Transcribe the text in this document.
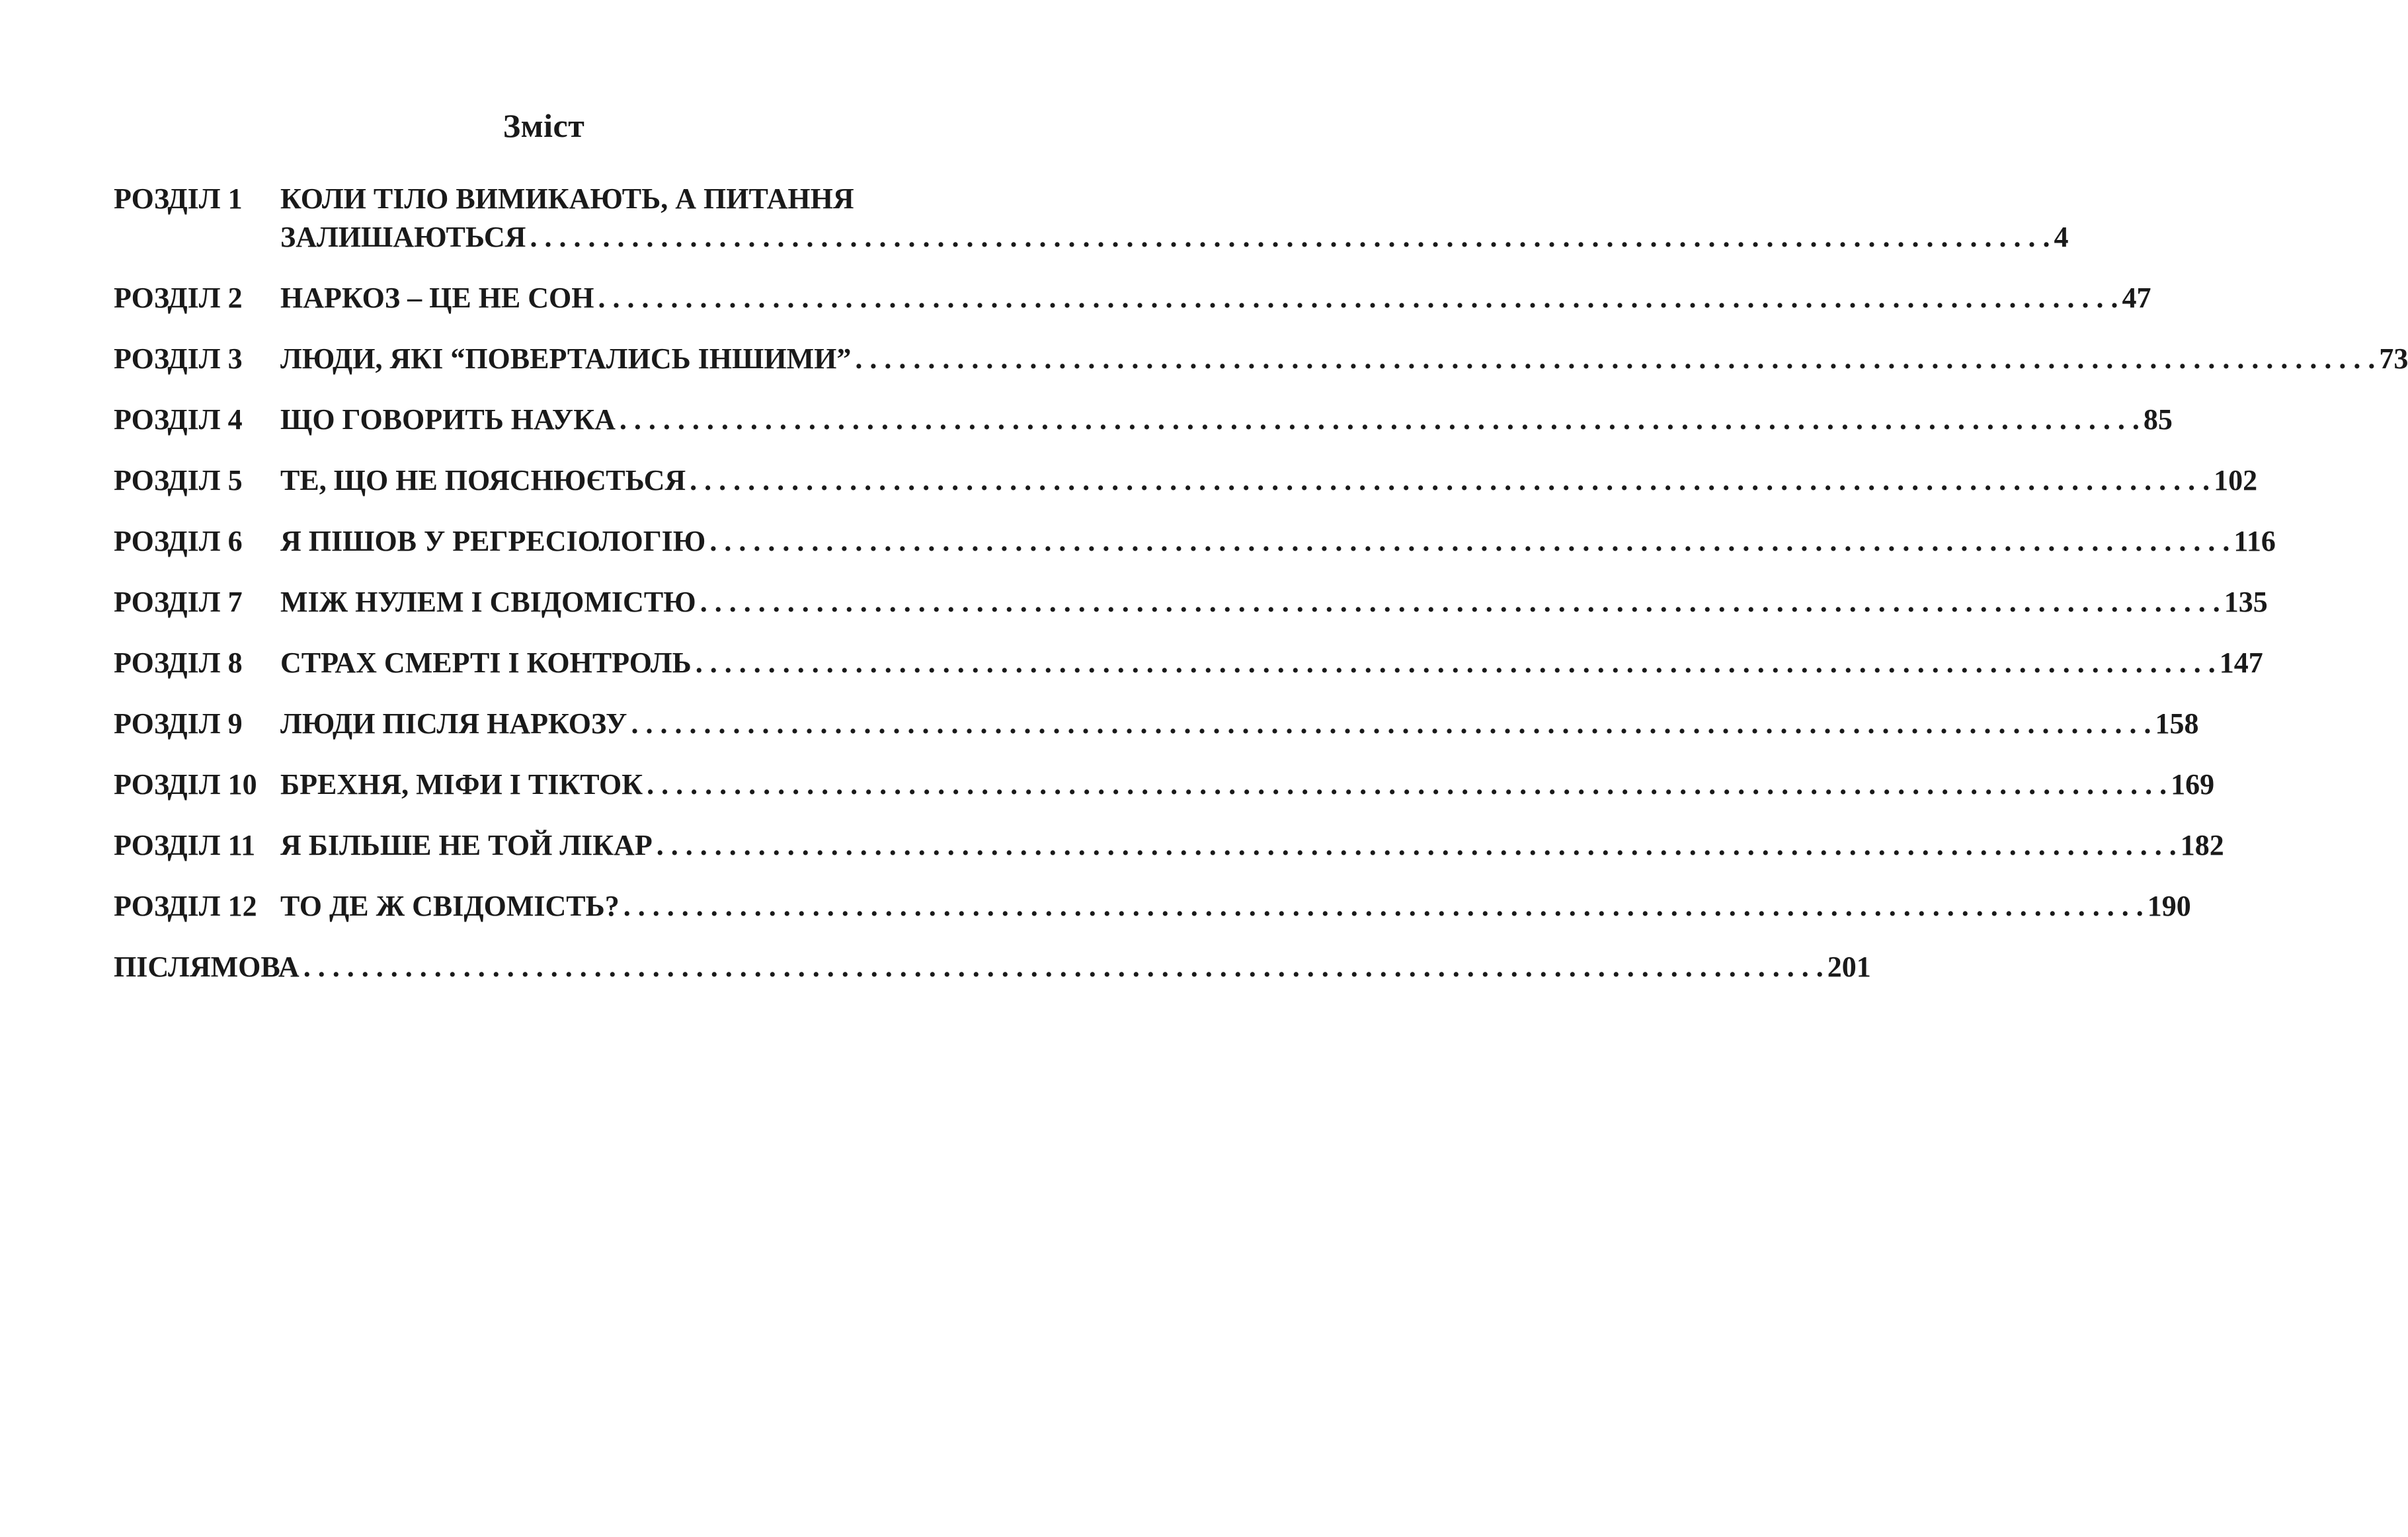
Зміст
РОЗДІЛ 1	КОЛИ ТІЛО ВИМИКАЮТЬ, А ПИТАННЯ
ЗАЛИШАЮТЬСЯ . . .	4
РОЗДІЛ 2	НАРКОЗ – ЦЕ НЕ СОН . . .	47
РОЗДІЛ 3	ЛЮДИ, ЯКІ “ПОВЕРТАЛИСЬ ІНШИМИ” . . .	73
РОЗДІЛ 4	ЩО ГОВОРИТЬ НАУКА . . .	85
РОЗДІЛ 5	ТЕ, ЩО НЕ ПОЯСНЮЄТЬСЯ . . .	102
РОЗДІЛ 6	Я ПІШОВ У РЕГРЕСІОЛОГІЮ . . .	116
РОЗДІЛ 7	МІЖ НУЛЕМ І СВІДОМІСТЮ . . .	135
РОЗДІЛ 8	СТРАХ СМЕРТІ І КОНТРОЛЬ . . .	147
РОЗДІЛ 9	ЛЮДИ ПІСЛЯ НАРКОЗУ . . .	158
РОЗДІЛ 10 БРЕХНЯ, МІФИ І ТІКТОК . . .	169
РОЗДІЛ 11 Я БІЛЬШЕ НЕ ТОЙ ЛІКАР . . .	182
РОЗДІЛ 12 ТО ДЕ Ж СВІДОМІСТЬ? . . .	190
ПІСЛЯМОВА . . .	201
